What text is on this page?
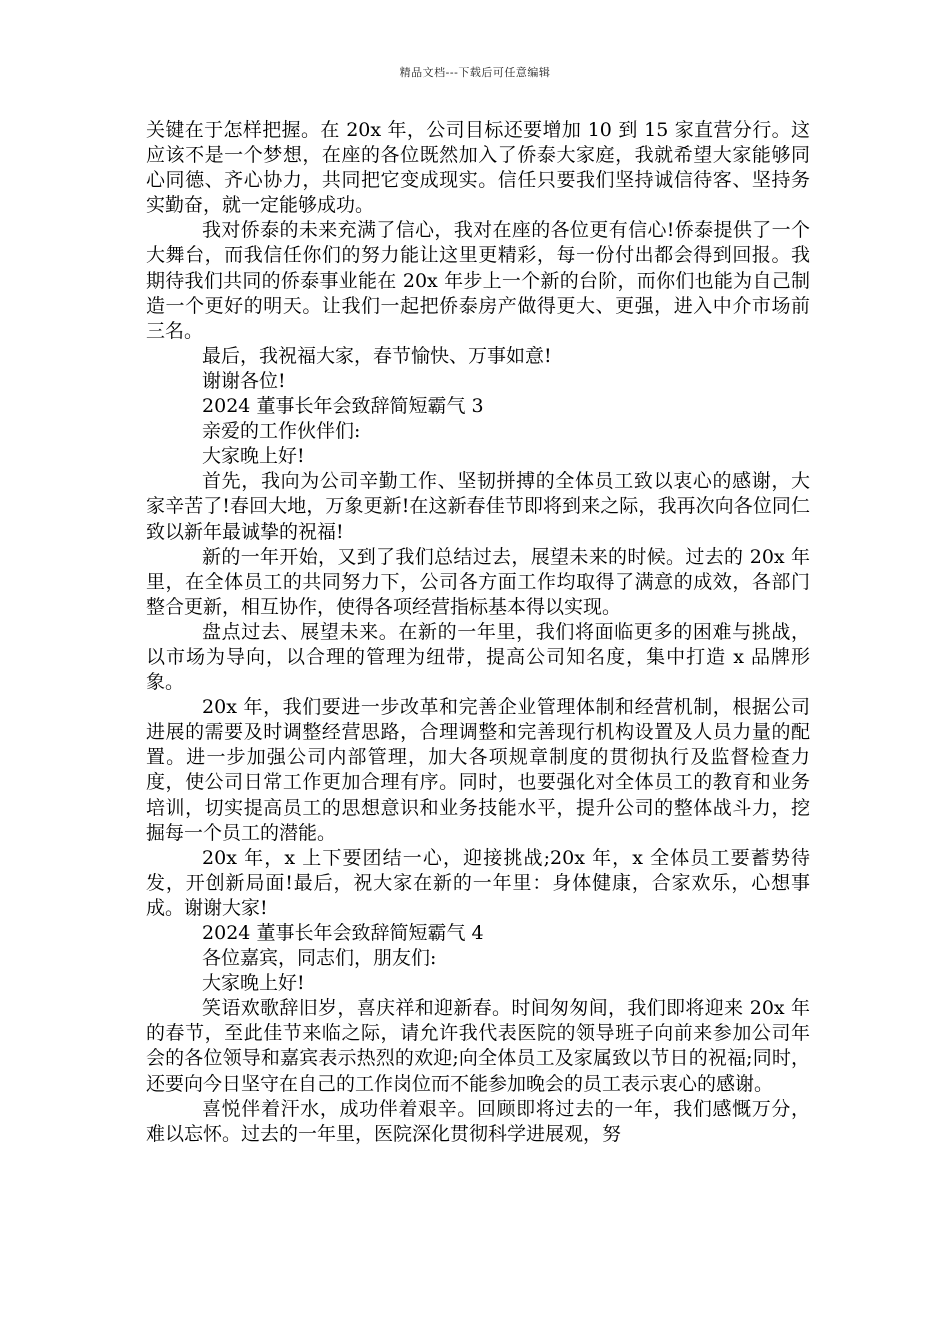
精品文档---下载后可任意编辑

关键在于怎样把握。在 20x 年，公司目标还要增加 10 到 15 家直营分行。这应该不是一个梦想，在座的各位既然加入了侨泰大家庭，我就希望大家能够同心同德、齐心协力，共同把它变成现实。信任只要我们坚持诚信待客、坚持务实勤奋，就一定能够成功。

我对侨泰的未来充满了信心，我对在座的各位更有信心!侨泰提供了一个大舞台，而我信任你们的努力能让这里更精彩，每一份付出都会得到回报。我期待我们共同的侨泰事业能在 20x 年步上一个新的台阶，而你们也能为自己制造一个更好的明天。让我们一起把侨泰房产做得更大、更强，进入中介市场前三名。

最后，我祝福大家，春节愉快、万事如意!

谢谢各位!

2024 董事长年会致辞简短霸气 3

亲爱的工作伙伴们:

大家晚上好!

首先，我向为公司辛勤工作、坚韧拼搏的全体员工致以衷心的感谢，大家辛苦了!春回大地，万象更新!在这新春佳节即将到来之际，我再次向各位同仁致以新年最诚挚的祝福!

新的一年开始，又到了我们总结过去，展望未来的时候。过去的 20x 年里，在全体员工的共同努力下，公司各方面工作均取得了满意的成效，各部门整合更新，相互协作，使得各项经营指标基本得以实现。

盘点过去、展望未来。在新的一年里，我们将面临更多的困难与挑战，以市场为导向，以合理的管理为纽带，提高公司知名度，集中打造 x 品牌形象。

20x 年，我们要进一步改革和完善企业管理体制和经营机制，根据公司进展的需要及时调整经营思路，合理调整和完善现行机构设置及人员力量的配置。进一步加强公司内部管理，加大各项规章制度的贯彻执行及监督检查力度，使公司日常工作更加合理有序。同时，也要强化对全体员工的教育和业务培训，切实提高员工的思想意识和业务技能水平，提升公司的整体战斗力，挖掘每一个员工的潜能。

20x 年，x 上下要团结一心，迎接挑战;20x 年，x 全体员工要蓄势待发，开创新局面!最后，祝大家在新的一年里：身体健康，合家欢乐，心想事成。谢谢大家!

2024 董事长年会致辞简短霸气 4

各位嘉宾，同志们，朋友们:

大家晚上好!

笑语欢歌辞旧岁，喜庆祥和迎新春。时间匆匆间，我们即将迎来 20x 年的春节，至此佳节来临之际，请允许我代表医院的领导班子向前来参加公司年会的各位领导和嘉宾表示热烈的欢迎;向全体员工及家属致以节日的祝福;同时，还要向今日坚守在自己的工作岗位而不能参加晚会的员工表示衷心的感谢。

喜悦伴着汗水，成功伴着艰辛。回顾即将过去的一年，我们感慨万分，难以忘怀。过去的一年里，医院深化贯彻科学进展观，努
